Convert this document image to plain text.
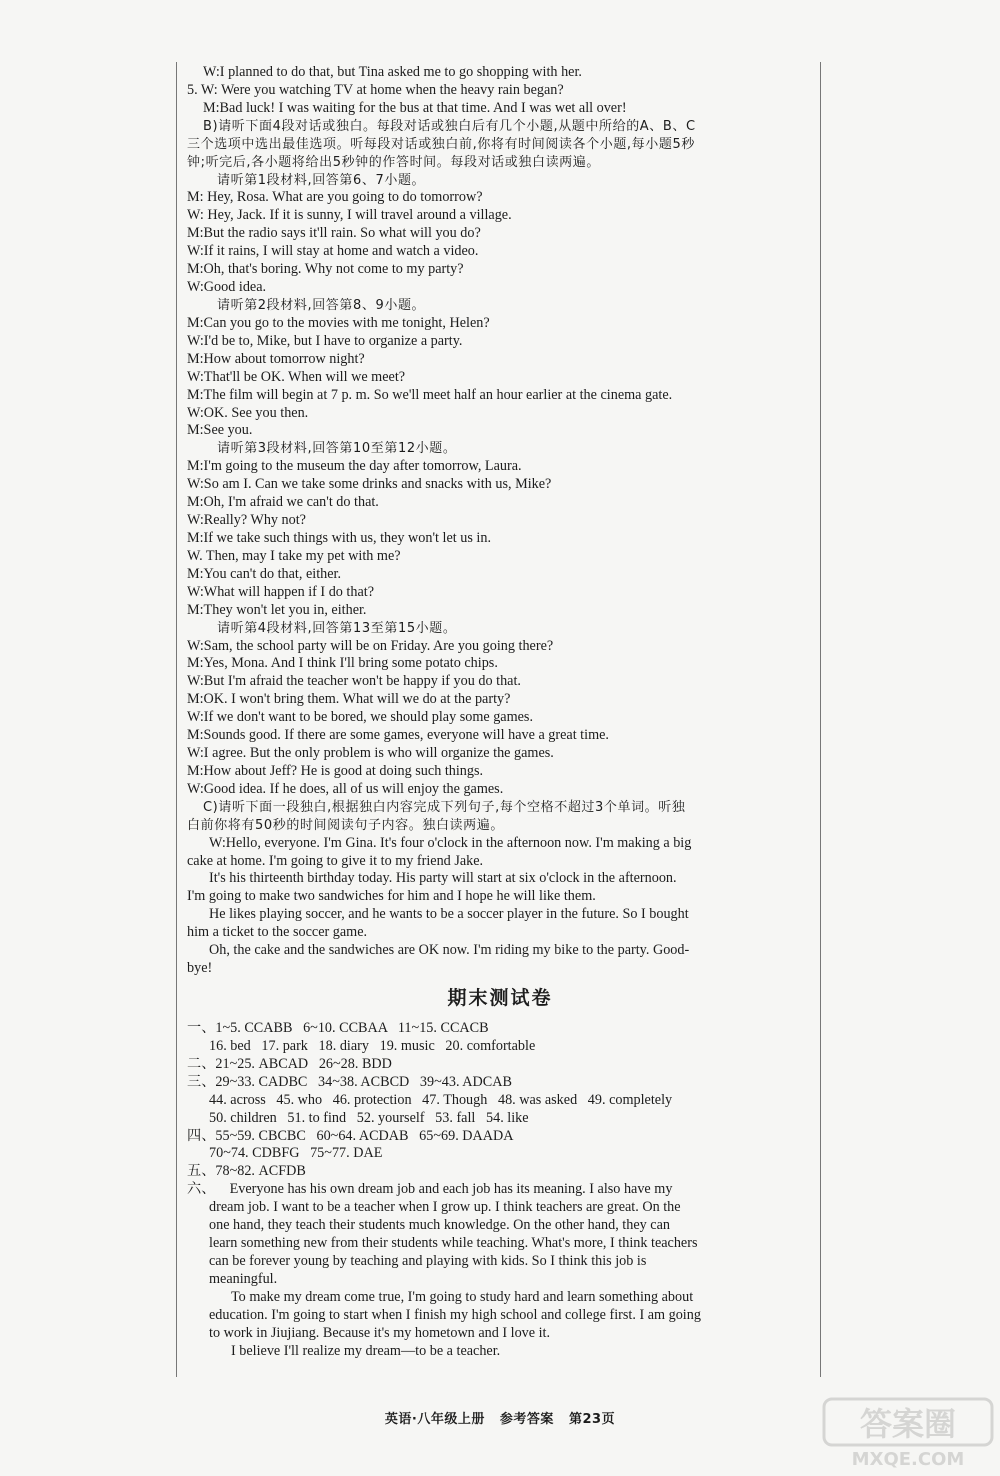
W:I planned to do that, but Tina asked me to go shopping with her.
5. W: Were you watching TV at home when the heavy rain began?
M:Bad luck! I was waiting for the bus at that time. And I was wet all over!
B)请听下面4段对话或独白。每段对话或独白后有几个小题,从题中所给的A、B、C
三个选项中选出最佳选项。听每段对话或独白前,你将有时间阅读各个小题,每小题5秒
钟;听完后,各小题将给出5秒钟的作答时间。每段对话或独白读两遍。
请听第1段材料,回答第6、7小题。
M: Hey, Rosa. What are you going to do tomorrow?
W: Hey, Jack. If it is sunny, I will travel around a village.
M:But the radio says it'll rain. So what will you do?
W:If it rains, I will stay at home and watch a video.
M:Oh, that's boring. Why not come to my party?
W:Good idea.
请听第2段材料,回答第8、9小题。
M:Can you go to the movies with me tonight, Helen?
W:I'd be to, Mike, but I have to organize a party.
M:How about tomorrow night?
W:That'll be OK. When will we meet?
M:The film will begin at 7 p. m. So we'll meet half an hour earlier at the cinema gate.
W:OK. See you then.
M:See you.
请听第3段材料,回答第10至第12小题。
M:I'm going to the museum the day after tomorrow, Laura.
W:So am I. Can we take some drinks and snacks with us, Mike?
M:Oh, I'm afraid we can't do that.
W:Really? Why not?
M:If we take such things with us, they won't let us in.
W. Then, may I take my pet with me?
M:You can't do that, either.
W:What will happen if I do that?
M:They won't let you in, either.
请听第4段材料,回答第13至第15小题。
W:Sam, the school party will be on Friday. Are you going there?
M:Yes, Mona. And I think I'll bring some potato chips.
W:But I'm afraid the teacher won't be happy if you do that.
M:OK. I won't bring them. What will we do at the party?
W:If we don't want to be bored, we should play some games.
M:Sounds good. If there are some games, everyone will have a great time.
W:I agree. But the only problem is who will organize the games.
M:How about Jeff? He is good at doing such things.
W:Good idea. If he does, all of us will enjoy the games.
C)请听下面一段独白,根据独白内容完成下列句子,每个空格不超过3个单词。听独
白前你将有50秒的时间阅读句子内容。独白读两遍。
W:Hello, everyone. I'm Gina. It's four o'clock in the afternoon now. I'm making a big
cake at home. I'm going to give it to my friend Jake.
It's his thirteenth birthday today. His party will start at six o'clock in the afternoon.
I'm going to make two sandwiches for him and I hope he will like them.
He likes playing soccer, and he wants to be a soccer player in the future. So I bought
him a ticket to the soccer game.
Oh, the cake and the sandwiches are OK now. I'm riding my bike to the party. Good-
bye!
期末测试卷
一、1~5. CCABB   6~10. CCBAA   11~15. CCACB
16. bed   17. park   18. diary   19. music   20. comfortable
二、21~25. ABCAD   26~28. BDD
三、29~33. CADBC   34~38. ACBCD   39~43. ADCAB
44. across   45. who   46. protection   47. Though   48. was asked   49. completely
50. children   51. to find   52. yourself   53. fall   54. like
四、55~59. CBCBC   60~64. ACDAB   65~69. DAADA
70~74. CDBFG   75~77. DAE
五、78~82. ACFDB
六、    Everyone has his own dream job and each job has its meaning. I also have my
dream job. I want to be a teacher when I grow up. I think teachers are great. On the
one hand, they teach their students much knowledge. On the other hand, they can
learn something new from their students while teaching. What's more, I think teachers
can be forever young by teaching and playing with kids. So I think this job is
meaningful.
To make my dream come true, I'm going to study hard and learn something about
education. I'm going to start when I finish my high school and college first. I am going
to work in Jiujiang. Because it's my hometown and I love it.
I believe I'll realize my dream—to be a teacher.
英语·八年级上册   参考答案   第23页	答案圈
MXQE.COM
